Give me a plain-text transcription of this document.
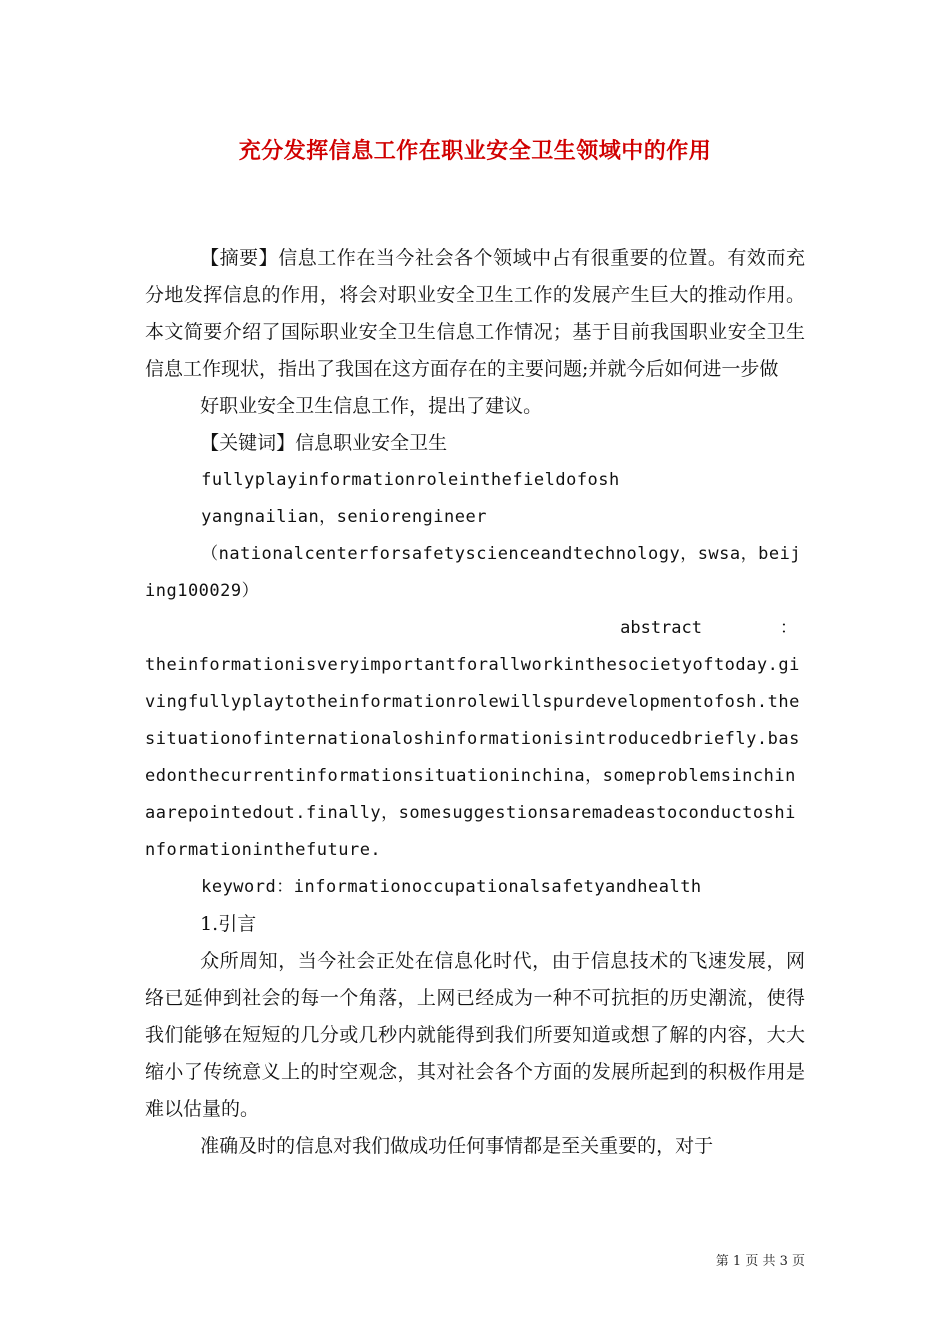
充分发挥信息工作在职业安全卫生领域中的作用

【摘要】信息工作在当今社会各个领域中占有很重要的位置。有效而充分地发挥信息的作用，将会对职业安全卫生工作的发展产生巨大的推动作用。本文简要介绍了国际职业安全卫生信息工作情况；基于目前我国职业安全卫生信息工作现状，指出了我国在这方面存在的主要问题;并就今后如何进一步做

好职业安全卫生信息工作，提出了建议。

【关键词】信息职业安全卫生

fullyplayinformationroleinthefieldofosh

yangnailian，seniorengineer

（nationalcenterforsafetyscienceandtechnology，swsa，beijing100029）

abstract	：

theinformationisveryimportantforallworkinthesocietyoftoday.givingfullyplaytotheinformationrolewillspurdevelopmentofosh.thesituationofinternationaloshinformationisintroducedbriefly.basedonthecurrentinformationsituationinchina，someproblemsinchinaarepointedout.finally，somesuggestionsaremadeastoconductoshinformationinthefuture.

keyword：informationoccupationalsafetyandhealth

1.引言

众所周知，当今社会正处在信息化时代，由于信息技术的飞速发展，网络已延伸到社会的每一个角落，上网已经成为一种不可抗拒的历史潮流，使得我们能够在短短的几分或几秒内就能得到我们所要知道或想了解的内容，大大缩小了传统意义上的时空观念，其对社会各个方面的发展所起到的积极作用是难以估量的。

准确及时的信息对我们做成功任何事情都是至关重要的，对于

第 1 页 共 3 页
